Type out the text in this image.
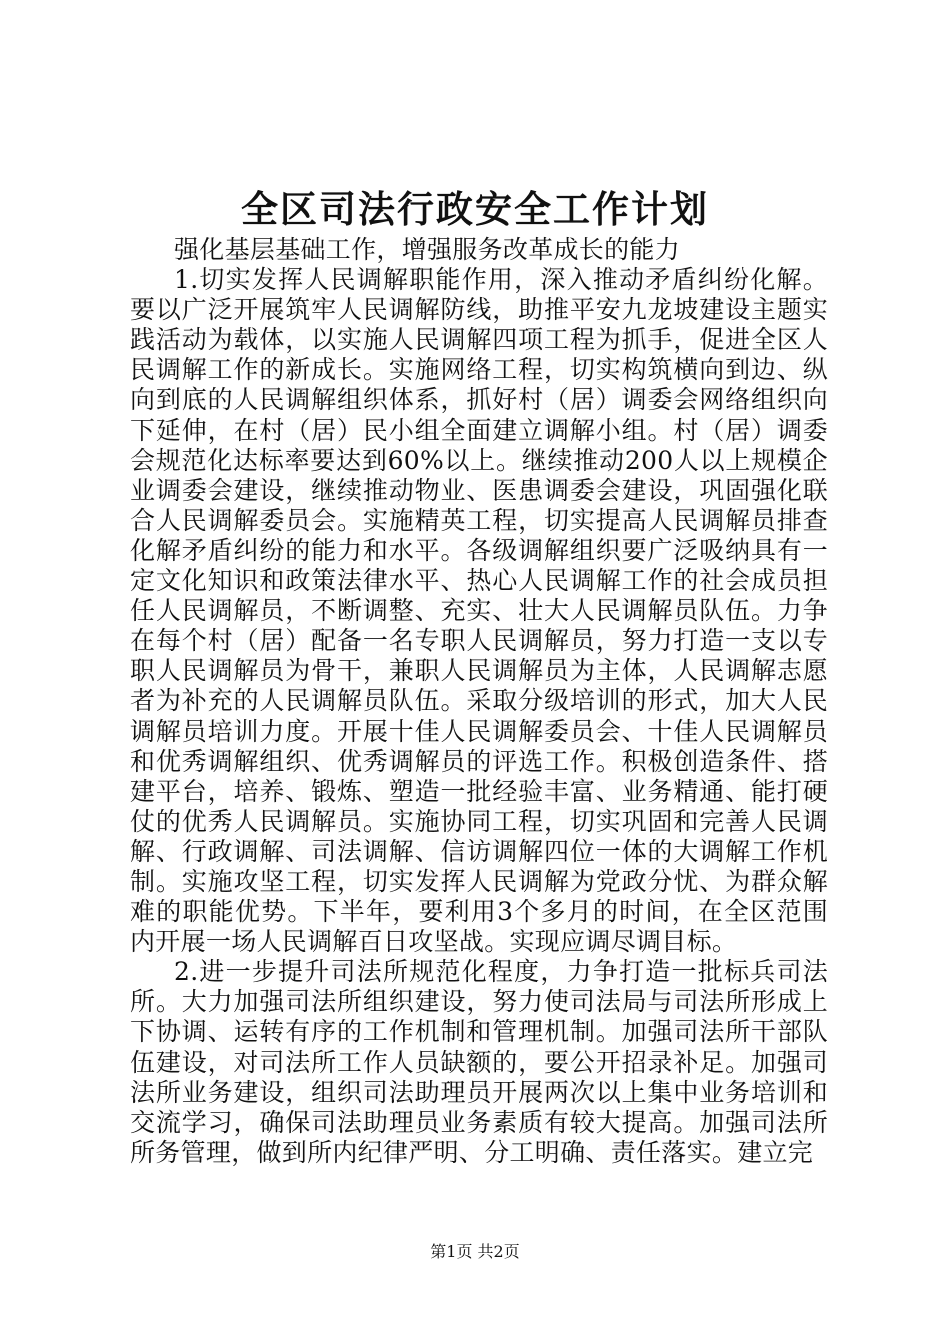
全区司法行政安全工作计划

强化基层基础工作，增强服务改革成长的能力

1.切实发挥人民调解职能作用，深入推动矛盾纠纷化解。要以广泛开展筑牢人民调解防线，助推平安九龙坡建设主题实践活动为载体，以实施人民调解四项工程为抓手，促进全区人民调解工作的新成长。实施网络工程，切实构筑横向到边、纵向到底的人民调解组织体系，抓好村（居）调委会网络组织向下延伸，在村（居）民小组全面建立调解小组。村（居）调委会规范化达标率要达到60%以上。继续推动200人以上规模企业调委会建设，继续推动物业、医患调委会建设，巩固强化联合人民调解委员会。实施精英工程，切实提高人民调解员排查化解矛盾纠纷的能力和水平。各级调解组织要广泛吸纳具有一定文化知识和政策法律水平、热心人民调解工作的社会成员担任人民调解员，不断调整、充实、壮大人民调解员队伍。力争在每个村（居）配备一名专职人民调解员，努力打造一支以专职人民调解员为骨干，兼职人民调解员为主体，人民调解志愿者为补充的人民调解员队伍。采取分级培训的形式，加大人民调解员培训力度。开展十佳人民调解委员会、十佳人民调解员和优秀调解组织、优秀调解员的评选工作。积极创造条件、搭建平台，培养、锻炼、塑造一批经验丰富、业务精通、能打硬仗的优秀人民调解员。实施协同工程，切实巩固和完善人民调解、行政调解、司法调解、信访调解四位一体的大调解工作机制。实施攻坚工程，切实发挥人民调解为党政分忧、为群众解难的职能优势。下半年，要利用3个多月的时间，在全区范围内开展一场人民调解百日攻坚战。实现应调尽调目标。

2.进一步提升司法所规范化程度，力争打造一批标兵司法所。大力加强司法所组织建设，努力使司法局与司法所形成上下协调、运转有序的工作机制和管理机制。加强司法所干部队伍建设，对司法所工作人员缺额的，要公开招录补足。加强司法所业务建设，组织司法助理员开展两次以上集中业务培训和交流学习，确保司法助理员业务素质有较大提高。加强司法所所务管理，做到所内纪律严明、分工明确、责任落实。建立完

第1页 共2页
